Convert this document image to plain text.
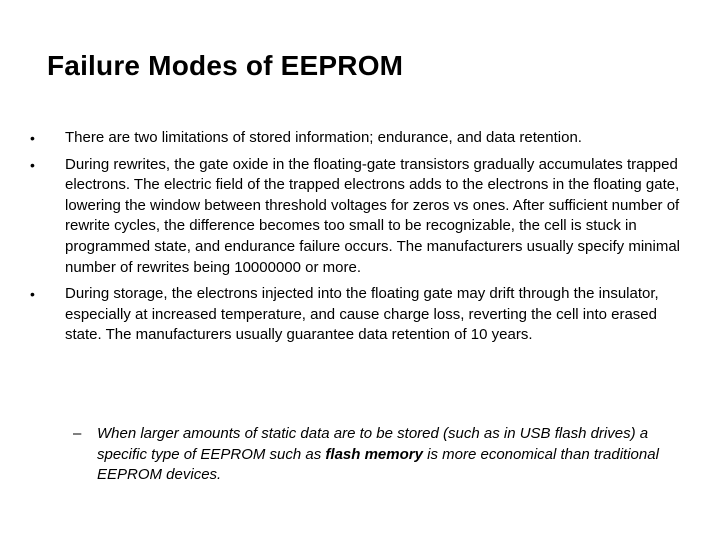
Failure Modes of EEPROM
• There are two limitations of stored information; endurance, and data retention.
• During rewrites, the gate oxide in the floating-gate transistors gradually accumulates trapped electrons. The electric field of the trapped electrons adds to the electrons in the floating gate, lowering the window between threshold voltages for zeros vs ones. After sufficient number of rewrite cycles, the difference becomes too small to be recognizable, the cell is stuck in programmed state, and endurance failure occurs. The manufacturers usually specify minimal number of rewrites being 10000000 or more.
• During storage, the electrons injected into the floating gate may drift through the insulator, especially at increased temperature, and cause charge loss, reverting the cell into erased state. The manufacturers usually guarantee data retention of 10 years.
–	When larger amounts of static data are to be stored (such as in USB flash drives) a specific type of EEPROM such as flash memory is more economical than traditional EEPROM devices.
